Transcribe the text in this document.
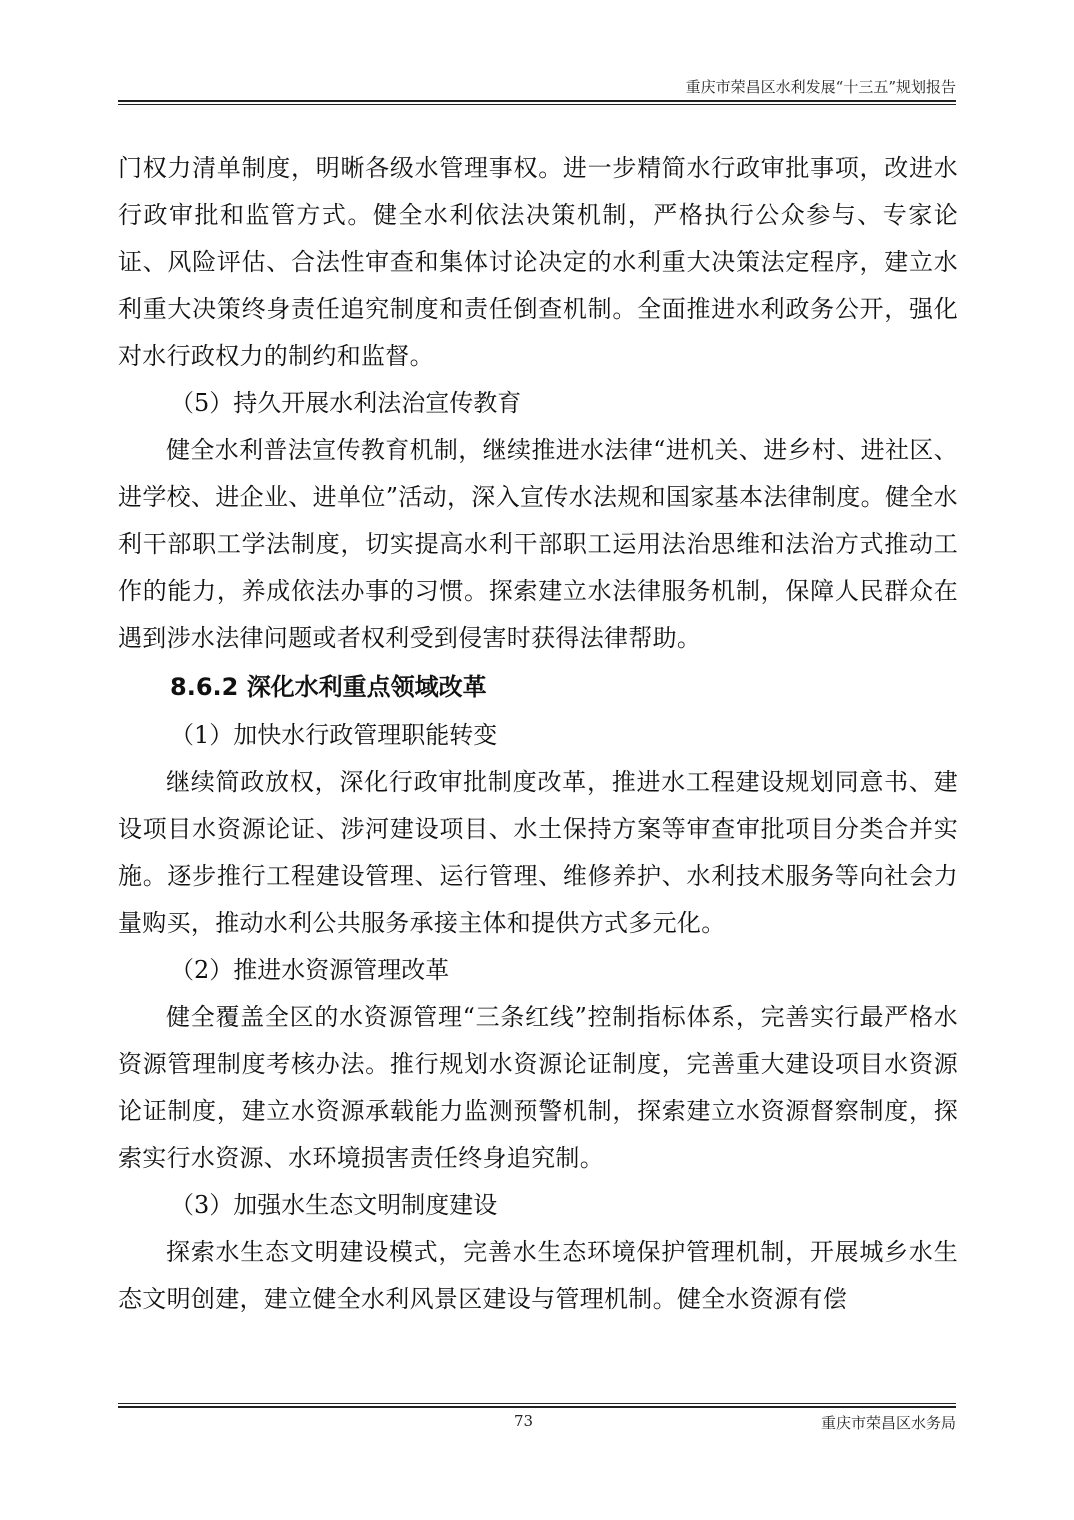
重庆市荣昌区水利发展“十三五”规划报告

门权力清单制度，明晰各级水管理事权。进一步精简水行政审批事项，改进水行政审批和监管方式。健全水利依法决策机制，严格执行公众参与、专家论证、风险评估、合法性审查和集体讨论决定的水利重大决策法定程序，建立水利重大决策终身责任追究制度和责任倒查机制。全面推进水利政务公开，强化对水行政权力的制约和监督。

（5）持久开展水利法治宣传教育

健全水利普法宣传教育机制，继续推进水法律“进机关、进乡村、进社区、进学校、进企业、进单位”活动，深入宣传水法规和国家基本法律制度。健全水利干部职工学法制度，切实提高水利干部职工运用法治思维和法治方式推动工作的能力，养成依法办事的习惯。探索建立水法律服务机制，保障人民群众在遇到涉水法律问题或者权利受到侵害时获得法律帮助。

8.6.2 深化水利重点领域改革

（1）加快水行政管理职能转变

继续简政放权，深化行政审批制度改革，推进水工程建设规划同意书、建设项目水资源论证、涉河建设项目、水土保持方案等审查审批项目分类合并实施。逐步推行工程建设管理、运行管理、维修养护、水利技术服务等向社会力量购买，推动水利公共服务承接主体和提供方式多元化。

（2）推进水资源管理改革

健全覆盖全区的水资源管理“三条红线”控制指标体系，完善实行最严格水资源管理制度考核办法。推行规划水资源论证制度，完善重大建设项目水资源论证制度，建立水资源承载能力监测预警机制，探索建立水资源督察制度，探索实行水资源、水环境损害责任终身追究制。

（3）加强水生态文明制度建设

探索水生态文明建设模式，完善水生态环境保护管理机制，开展城乡水生态文明创建，建立健全水利风景区建设与管理机制。健全水资源有偿

73	重庆市荣昌区水务局
